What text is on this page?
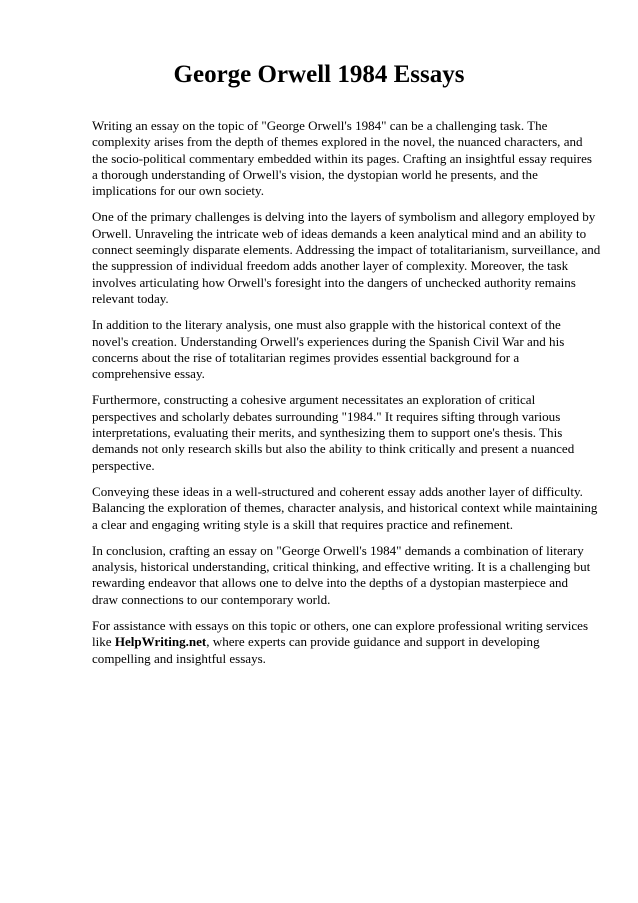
George Orwell 1984 Essays
Writing an essay on the topic of "George Orwell's 1984" can be a challenging task. The
complexity arises from the depth of themes explored in the novel, the nuanced characters, and
the socio-political commentary embedded within its pages. Crafting an insightful essay requires
a thorough understanding of Orwell's vision, the dystopian world he presents, and the
implications for our own society.
One of the primary challenges is delving into the layers of symbolism and allegory employed by
Orwell. Unraveling the intricate web of ideas demands a keen analytical mind and an ability to
connect seemingly disparate elements. Addressing the impact of totalitarianism, surveillance, and
the suppression of individual freedom adds another layer of complexity. Moreover, the task
involves articulating how Orwell's foresight into the dangers of unchecked authority remains
relevant today.
In addition to the literary analysis, one must also grapple with the historical context of the
novel's creation. Understanding Orwell's experiences during the Spanish Civil War and his
concerns about the rise of totalitarian regimes provides essential background for a
comprehensive essay.
Furthermore, constructing a cohesive argument necessitates an exploration of critical
perspectives and scholarly debates surrounding "1984." It requires sifting through various
interpretations, evaluating their merits, and synthesizing them to support one's thesis. This
demands not only research skills but also the ability to think critically and present a nuanced
perspective.
Conveying these ideas in a well-structured and coherent essay adds another layer of difficulty.
Balancing the exploration of themes, character analysis, and historical context while maintaining
a clear and engaging writing style is a skill that requires practice and refinement.
In conclusion, crafting an essay on "George Orwell's 1984" demands a combination of literary
analysis, historical understanding, critical thinking, and effective writing. It is a challenging but
rewarding endeavor that allows one to delve into the depths of a dystopian masterpiece and
draw connections to our contemporary world.
For assistance with essays on this topic or others, one can explore professional writing services
like HelpWriting.net, where experts can provide guidance and support in developing
compelling and insightful essays.
